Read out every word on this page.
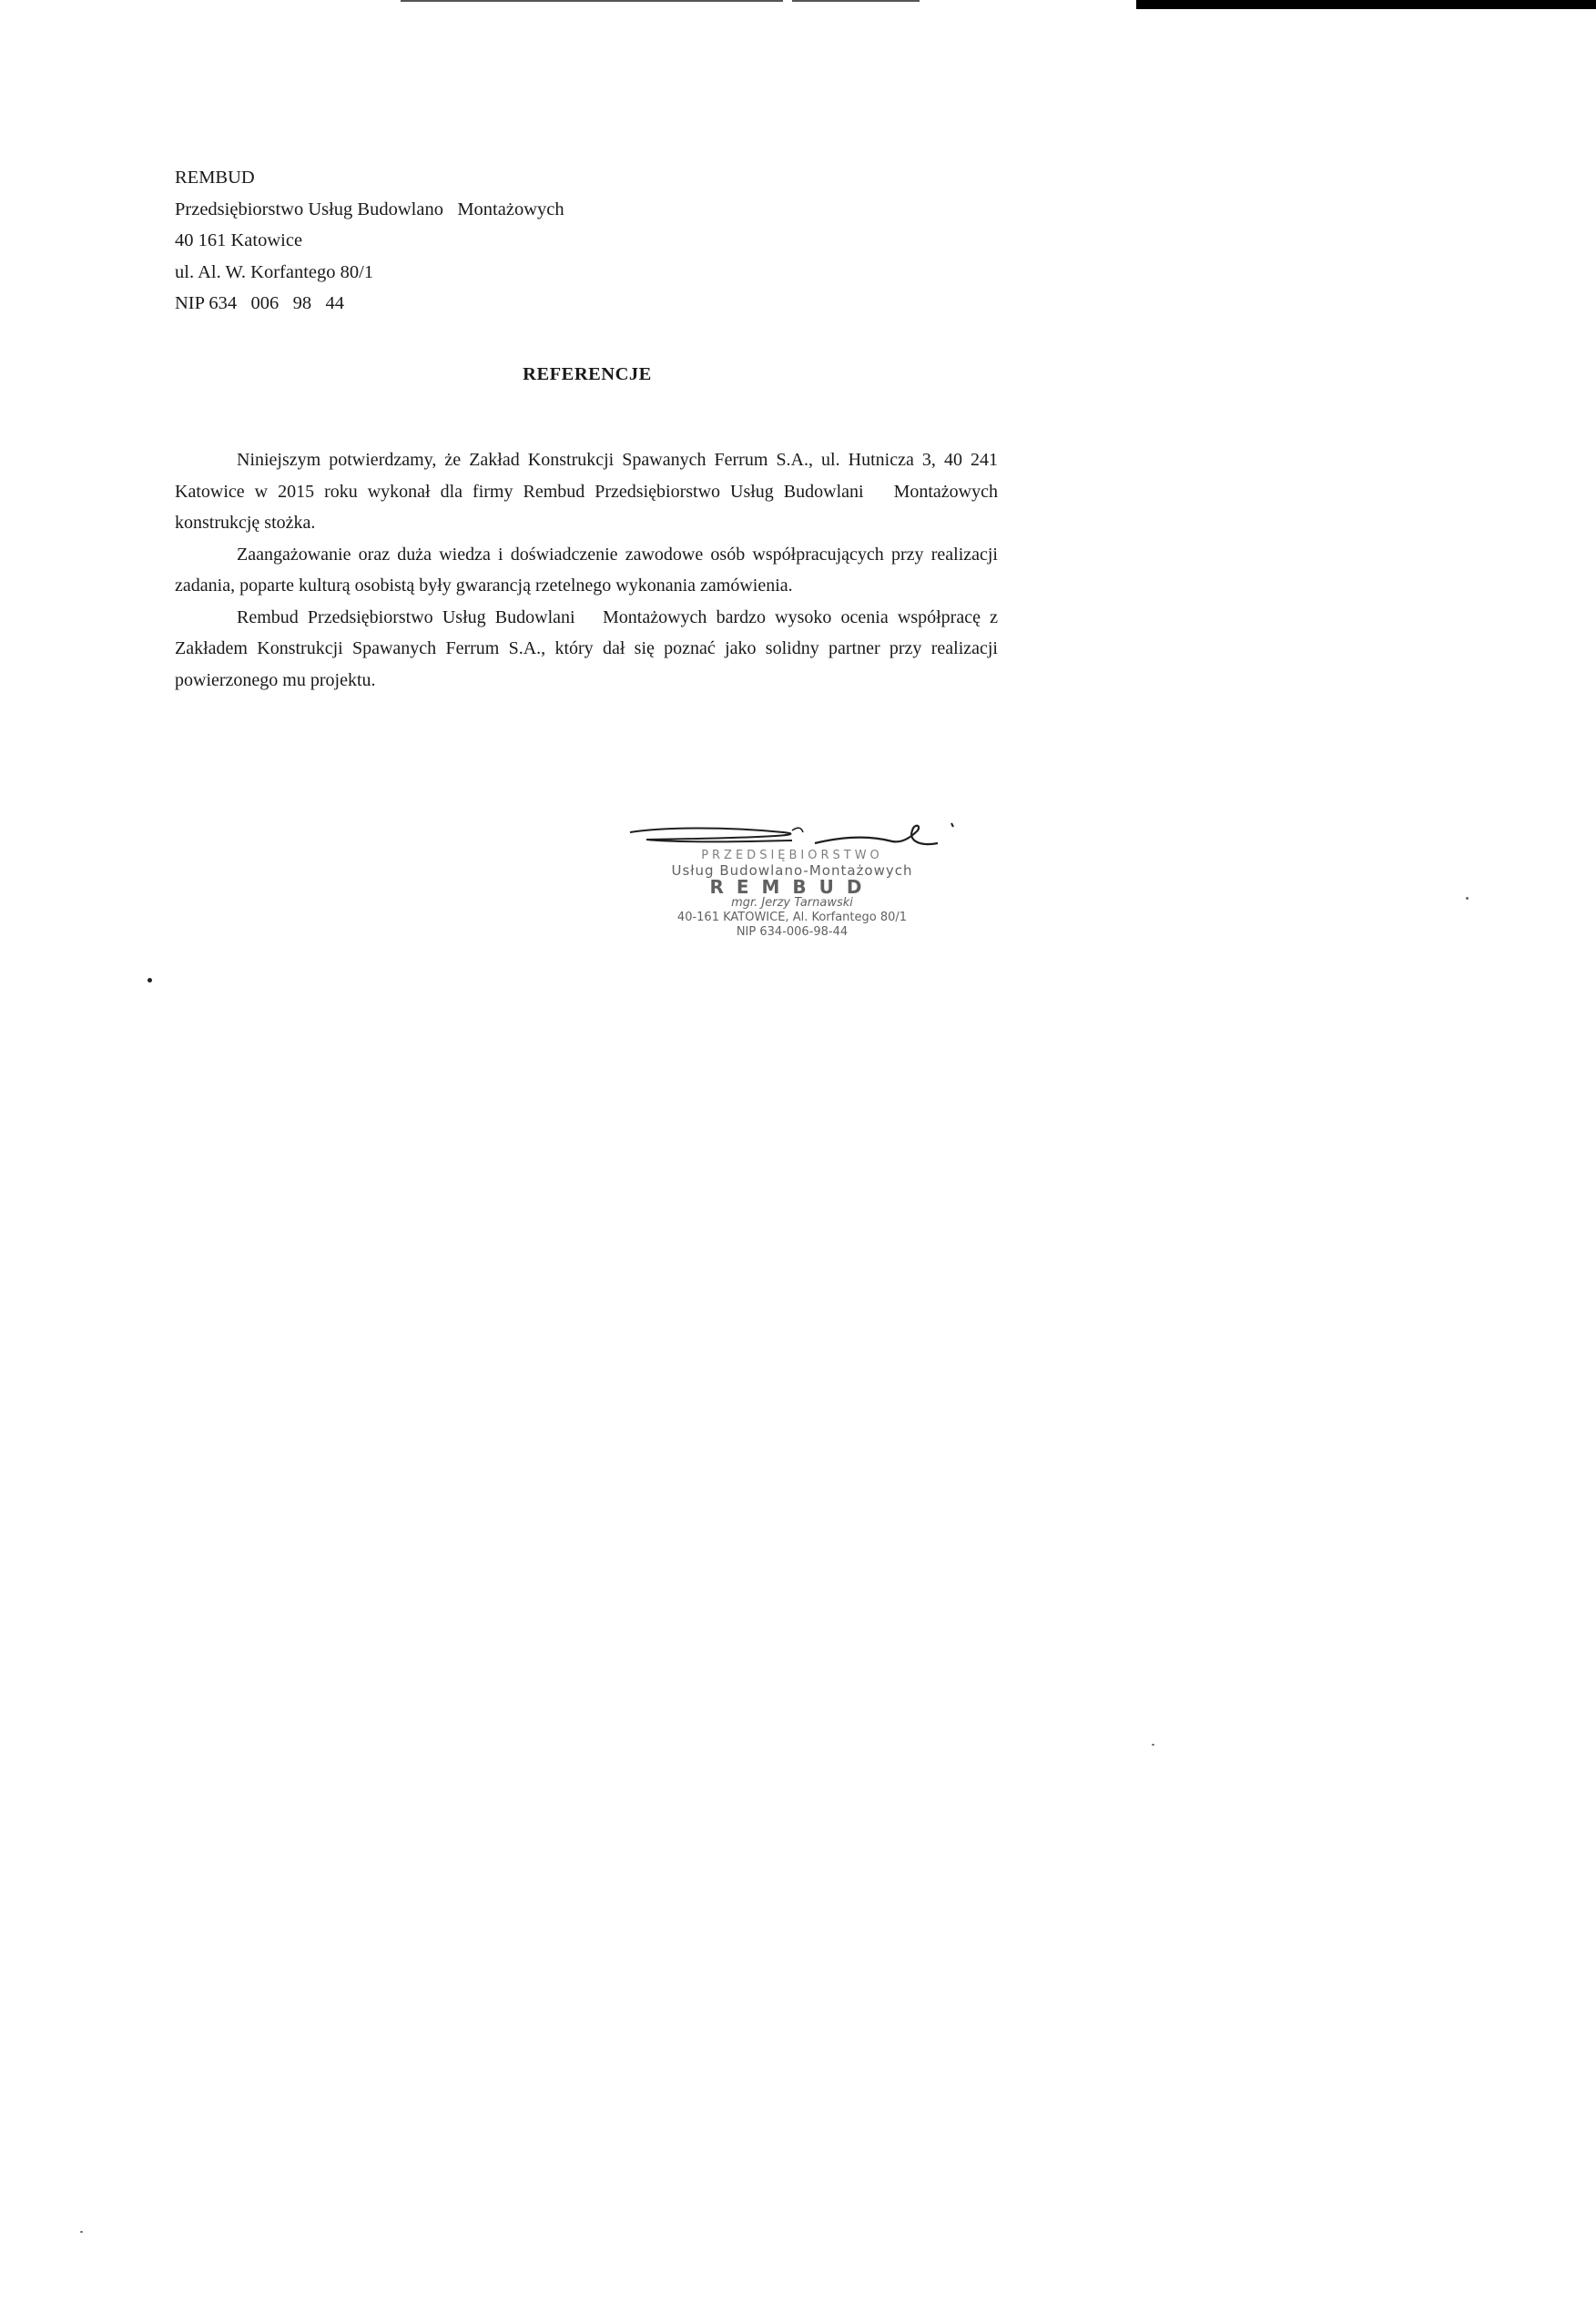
REMBUD
Przedsiębiorstwo Usług Budowlano   Montażowych
40 161 Katowice
ul. Al. W. Korfantego 80/1
NIP 634   006   98   44
REFERENCJE

Niniejszym potwierdzamy, że Zakład Konstrukcji Spawanych Ferrum S.A., ul. Hutnicza 3, 40 241 Katowice w 2015 roku wykonał dla firmy Rembud Przedsiębiorstwo Usług Budowlani   Montażowych konstrukcję stożka.

Zaangażowanie oraz duża wiedza i doświadczenie zawodowe osób współpracujących przy realizacji zadania, poparte kulturą osobistą były gwarancją rzetelnego wykonania zamówienia.

Rembud Przedsiębiorstwo Usług Budowlani   Montażowych bardzo wysoko ocenia współpracę z Zakładem Konstrukcji Spawanych Ferrum S.A., który dał się poznać jako solidny partner przy realizacji powierzonego mu projektu.

PRZEDSIĘBIORSTWO
Usług Budowlano-Montażowych
REMBUD
mgr. Jerzy Tarnawski
40-161 KATOWICE, Al. Korfantego 80/1
NIP 634-006-98-44
